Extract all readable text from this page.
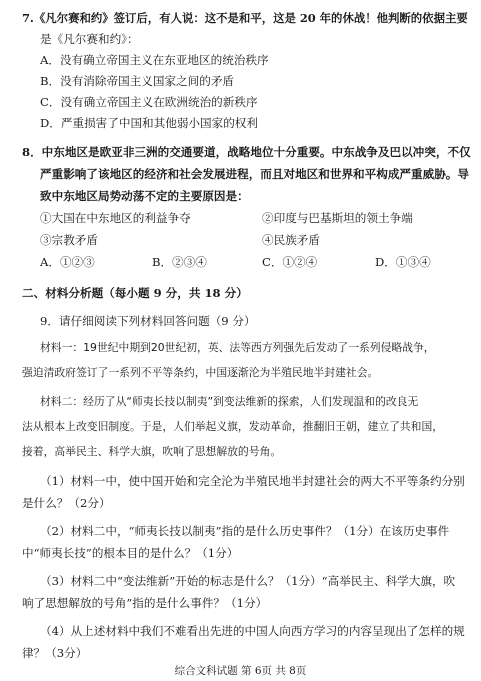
7.《凡尔赛和约》签订后，有人说：这不是和平，这是 20 年的休战！他判断的依据主要
是《凡尔赛和约》：
A．没有确立帝国主义在东亚地区的统治秩序
B．没有消除帝国主义国家之间的矛盾
C．没有确立帝国主义在欧洲统治的新秩序
D．严重损害了中国和其他弱小国家的权利
8．中东地区是欧亚非三洲的交通要道，战略地位十分重要。中东战争及巴以冲突，不仅
严重影响了该地区的经济和社会发展进程，而且对地区和世界和平构成严重威胁。导
致中东地区局势动荡不定的主要原因是：
①大国在中东地区的利益争夺	②印度与巴基斯坦的领土争端
③宗教矛盾	④民族矛盾
A．①②③	B．②③④	C．①②④	D．①③④
二、材料分析题（每小题 9 分，共 18 分）
9．请仔细阅读下列材料回答问题（9 分）
材料一：19世纪中期到20世纪初，英、法等西方列强先后发动了一系列侵略战争，
强迫清政府签订了一系列不平等条约，中国逐渐沦为半殖民地半封建社会。
材料二：经历了从“师夷长技以制夷”到变法维新的探索，人们发现温和的改良无
法从根本上改变旧制度。于是，人们举起义旗，发动革命，推翻旧王朝，建立了共和国，
接着，高举民主、科学大旗，吹响了思想解放的号角。
（1）材料一中，使中国开始和完全沦为半殖民地半封建社会的两大不平等条约分别
是什么？（2分）
（2）材料二中，“师夷长技以制夷”指的是什么历史事件？（1分）在该历史事件
中“师夷长技”的根本目的是什么？（1分）
（3）材料二中“变法维新”开始的标志是什么？（1分）“高举民主、科学大旗，吹
响了思想解放的号角”指的是什么事件？（1分）
（4）从上述材料中我们不难看出先进的中国人向西方学习的内容呈现出了怎样的规
律？（3分）
综合文科试题 第 6页 共 8页
